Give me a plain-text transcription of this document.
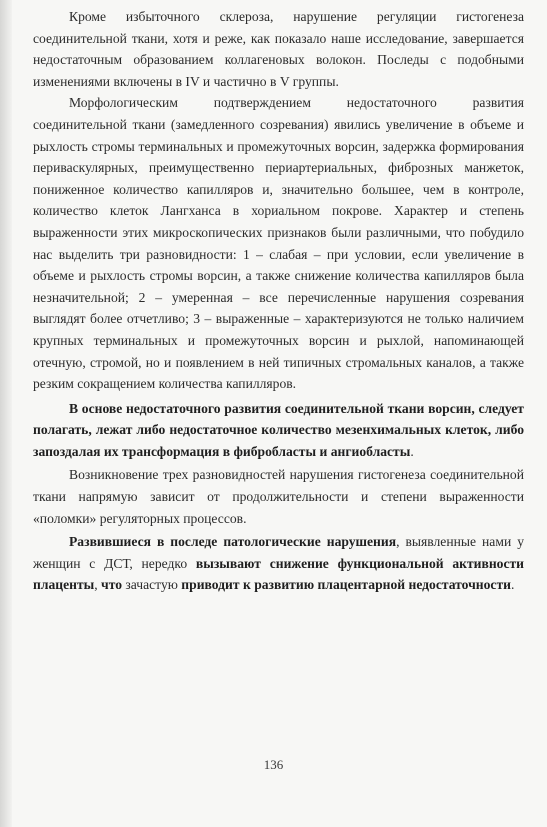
Кроме избыточного склероза, нарушение регуляции гистогенеза соединительной ткани, хотя и реже, как показало наше исследование, завершается недостаточным образованием коллагеновых волокон. Последы с подобными изменениями включены в IV и частично в V группы.

Морфологическим подтверждением недостаточного развития соединительной ткани (замедленного созревания) явились увеличение в объеме и рыхлость стромы терминальных и промежуточных ворсин, задержка формирования периваскулярных, преимущественно периартериальных, фиброзных манжеток, пониженное количество капилляров и, значительно большее, чем в контроле, количество клеток Лангханса в хориальном покрове. Характер и степень выраженности этих микроскопических признаков были различными, что побудило нас выделить три разновидности: 1 – слабая – при условии, если увеличение в объеме и рыхлость стромы ворсин, а также снижение количества капилляров была незначительной; 2 – умеренная – все перечисленные нарушения созревания выглядят более отчетливо; 3 – выраженные – характеризуются не только наличием крупных терминальных и промежуточных ворсин и рыхлой, напоминающей отечную, стромой, но и появлением в ней типичных стромальных каналов, а также резким сокращением количества капилляров.

В основе недостаточного развития соединительной ткани ворсин, следует полагать, лежат либо недостаточное количество мезенхимальных клеток, либо запоздалая их трансформация в фибробласты и ангиобласты.

Возникновение трех разновидностей нарушения гистогенеза соединительной ткани напрямую зависит от продолжительности и степени выраженности «поломки» регуляторных процессов.

Развившиеся в последе патологические нарушения, выявленные нами у женщин с ДСТ, нередко вызывают снижение функциональной активности плаценты, что зачастую приводит к развитию плацентарной недостаточности.

136
